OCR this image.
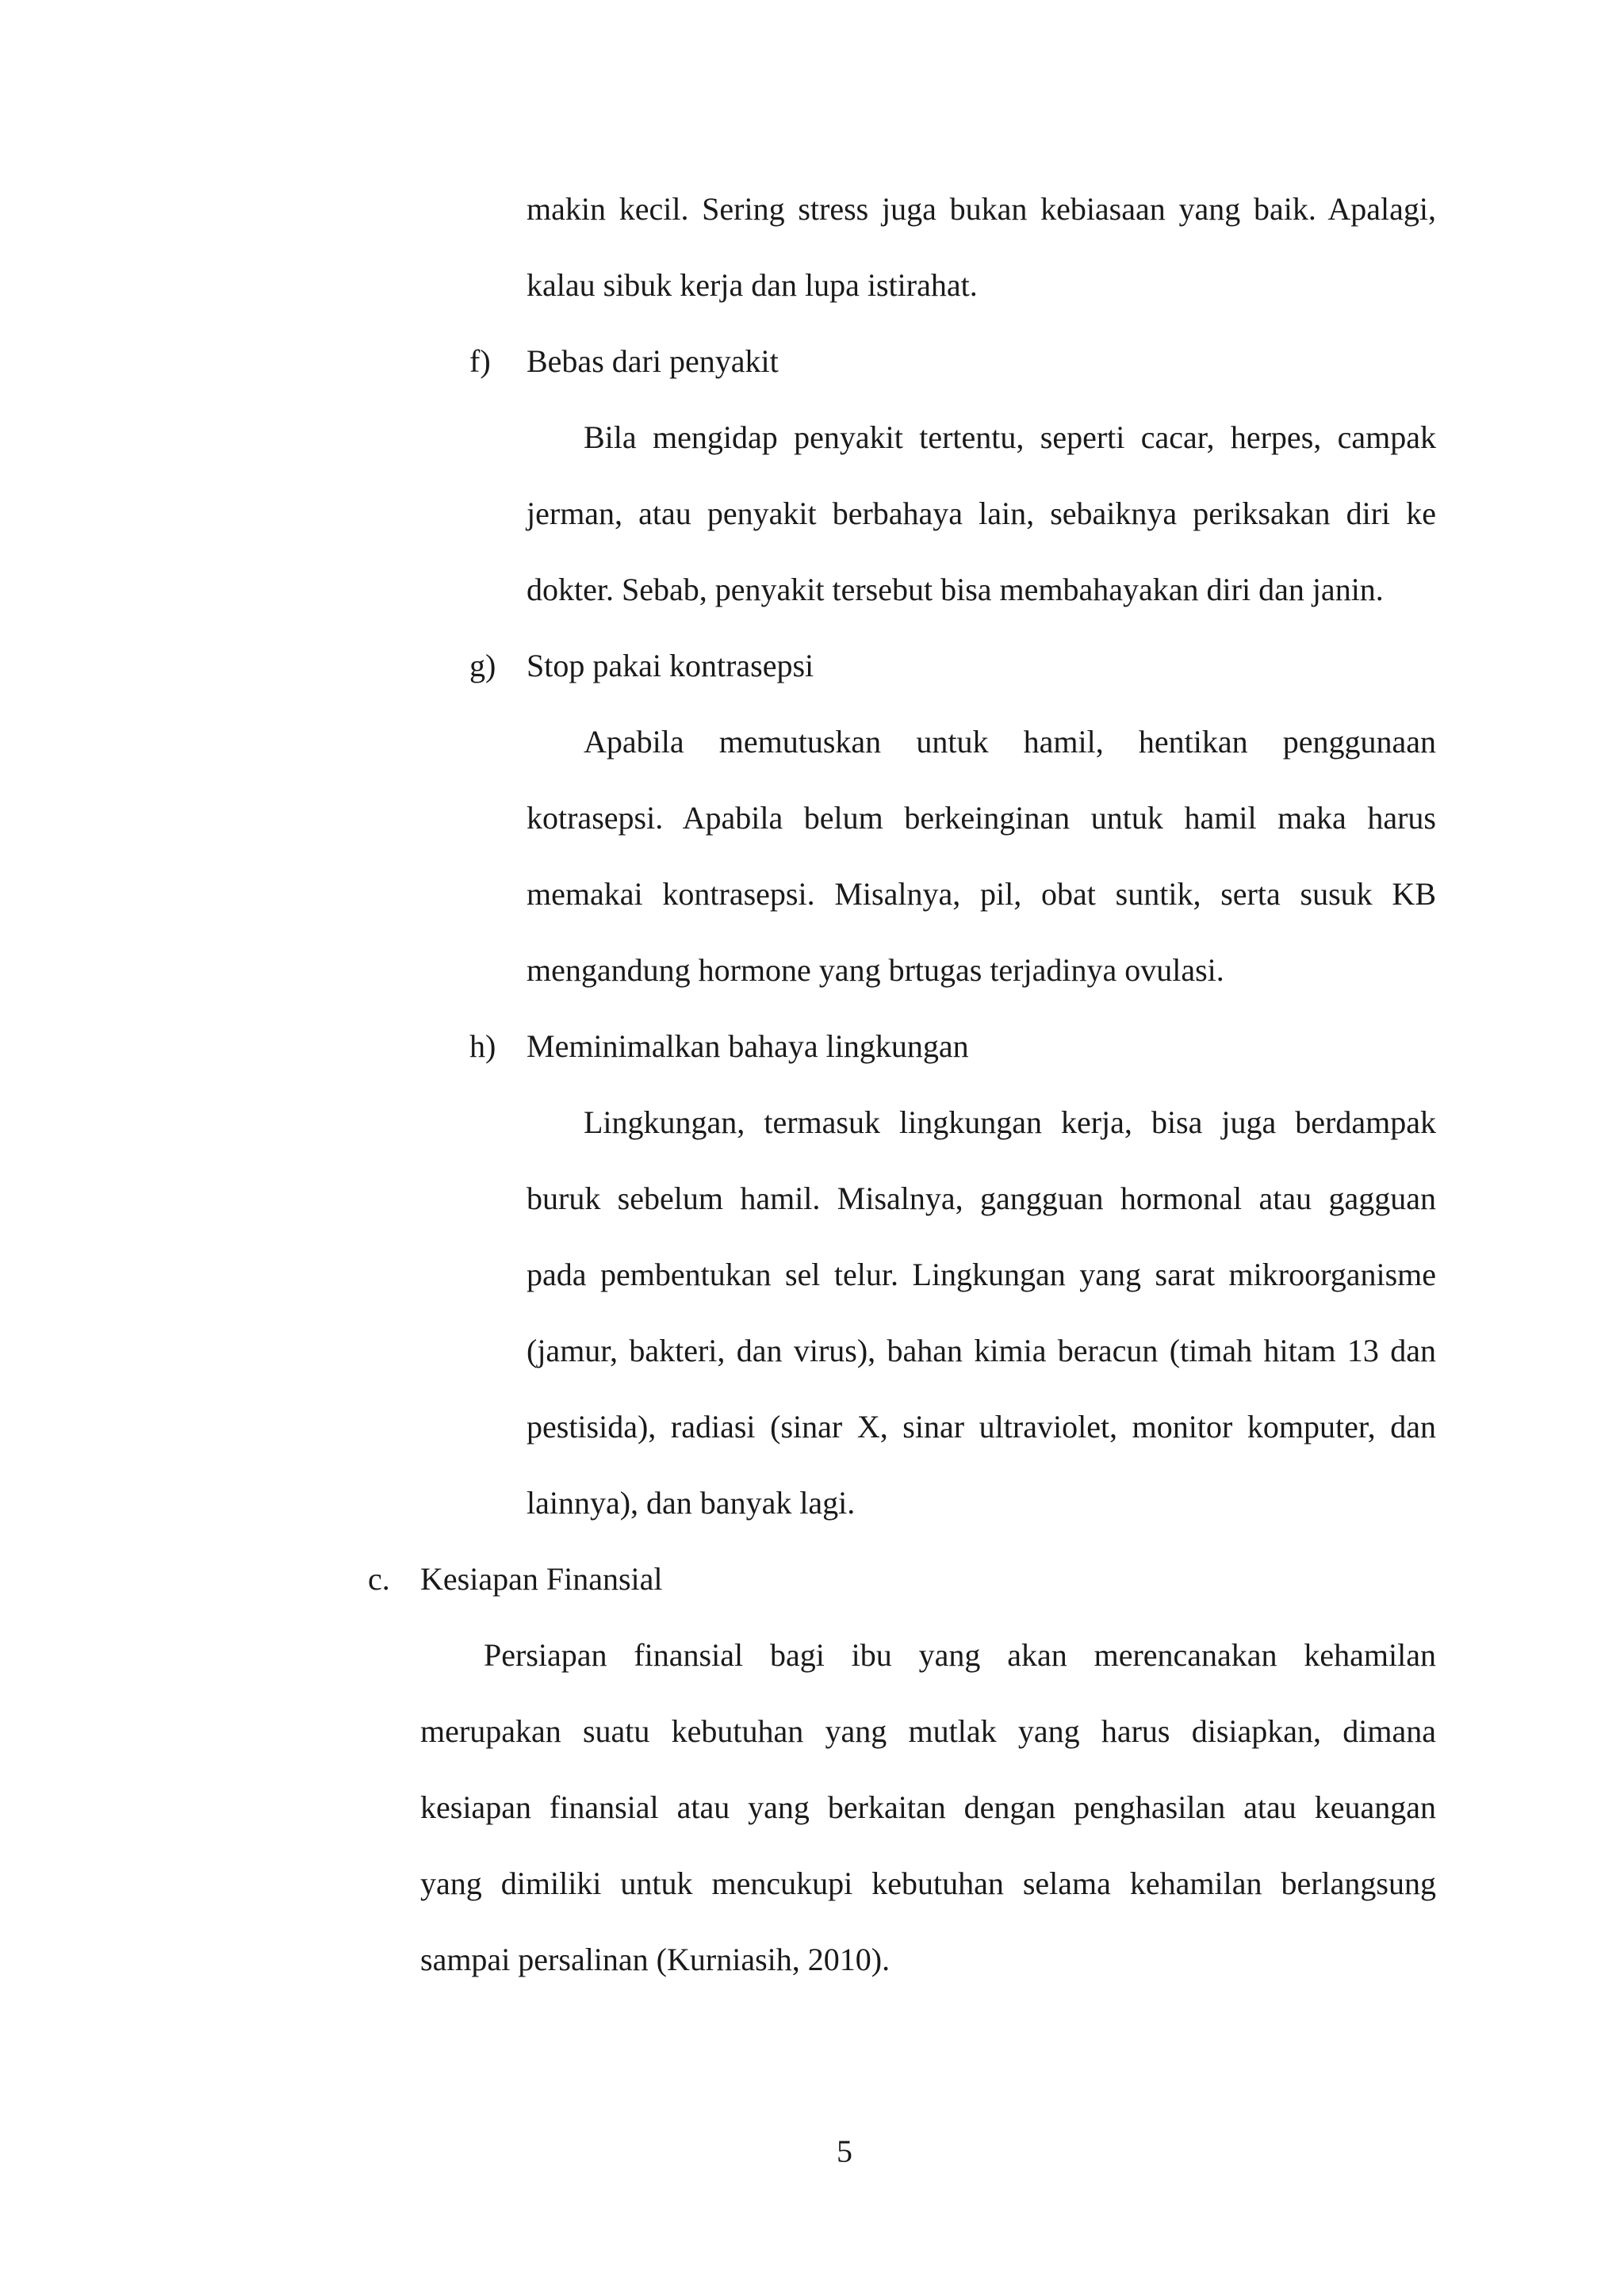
makin kecil. Sering stress juga bukan kebiasaan yang baik. Apalagi,
kalau sibuk kerja dan lupa istirahat.
f) Bebas dari penyakit
Bila mengidap penyakit tertentu, seperti cacar, herpes, campak
jerman, atau penyakit berbahaya lain, sebaiknya periksakan diri ke
dokter. Sebab, penyakit tersebut bisa membahayakan diri dan janin.
g) Stop pakai kontrasepsi
Apabila memutuskan untuk hamil, hentikan penggunaan
kotrasepsi. Apabila belum berkeinginan untuk hamil maka harus
memakai kontrasepsi. Misalnya, pil, obat suntik, serta susuk KB
mengandung hormone yang brtugas terjadinya ovulasi.
h) Meminimalkan bahaya lingkungan
Lingkungan, termasuk lingkungan kerja, bisa juga berdampak
buruk sebelum hamil. Misalnya, gangguan hormonal atau gagguan
pada pembentukan sel telur. Lingkungan yang sarat mikroorganisme
(jamur, bakteri, dan virus), bahan kimia beracun (timah hitam 13 dan
pestisida), radiasi (sinar X, sinar ultraviolet, monitor komputer, dan
lainnya), dan banyak lagi.
c. Kesiapan Finansial
Persiapan finansial bagi ibu yang akan merencanakan kehamilan
merupakan suatu kebutuhan yang mutlak yang harus disiapkan, dimana
kesiapan finansial atau yang berkaitan dengan penghasilan atau keuangan
yang dimiliki untuk mencukupi kebutuhan selama kehamilan berlangsung
sampai persalinan (Kurniasih, 2010).
5
